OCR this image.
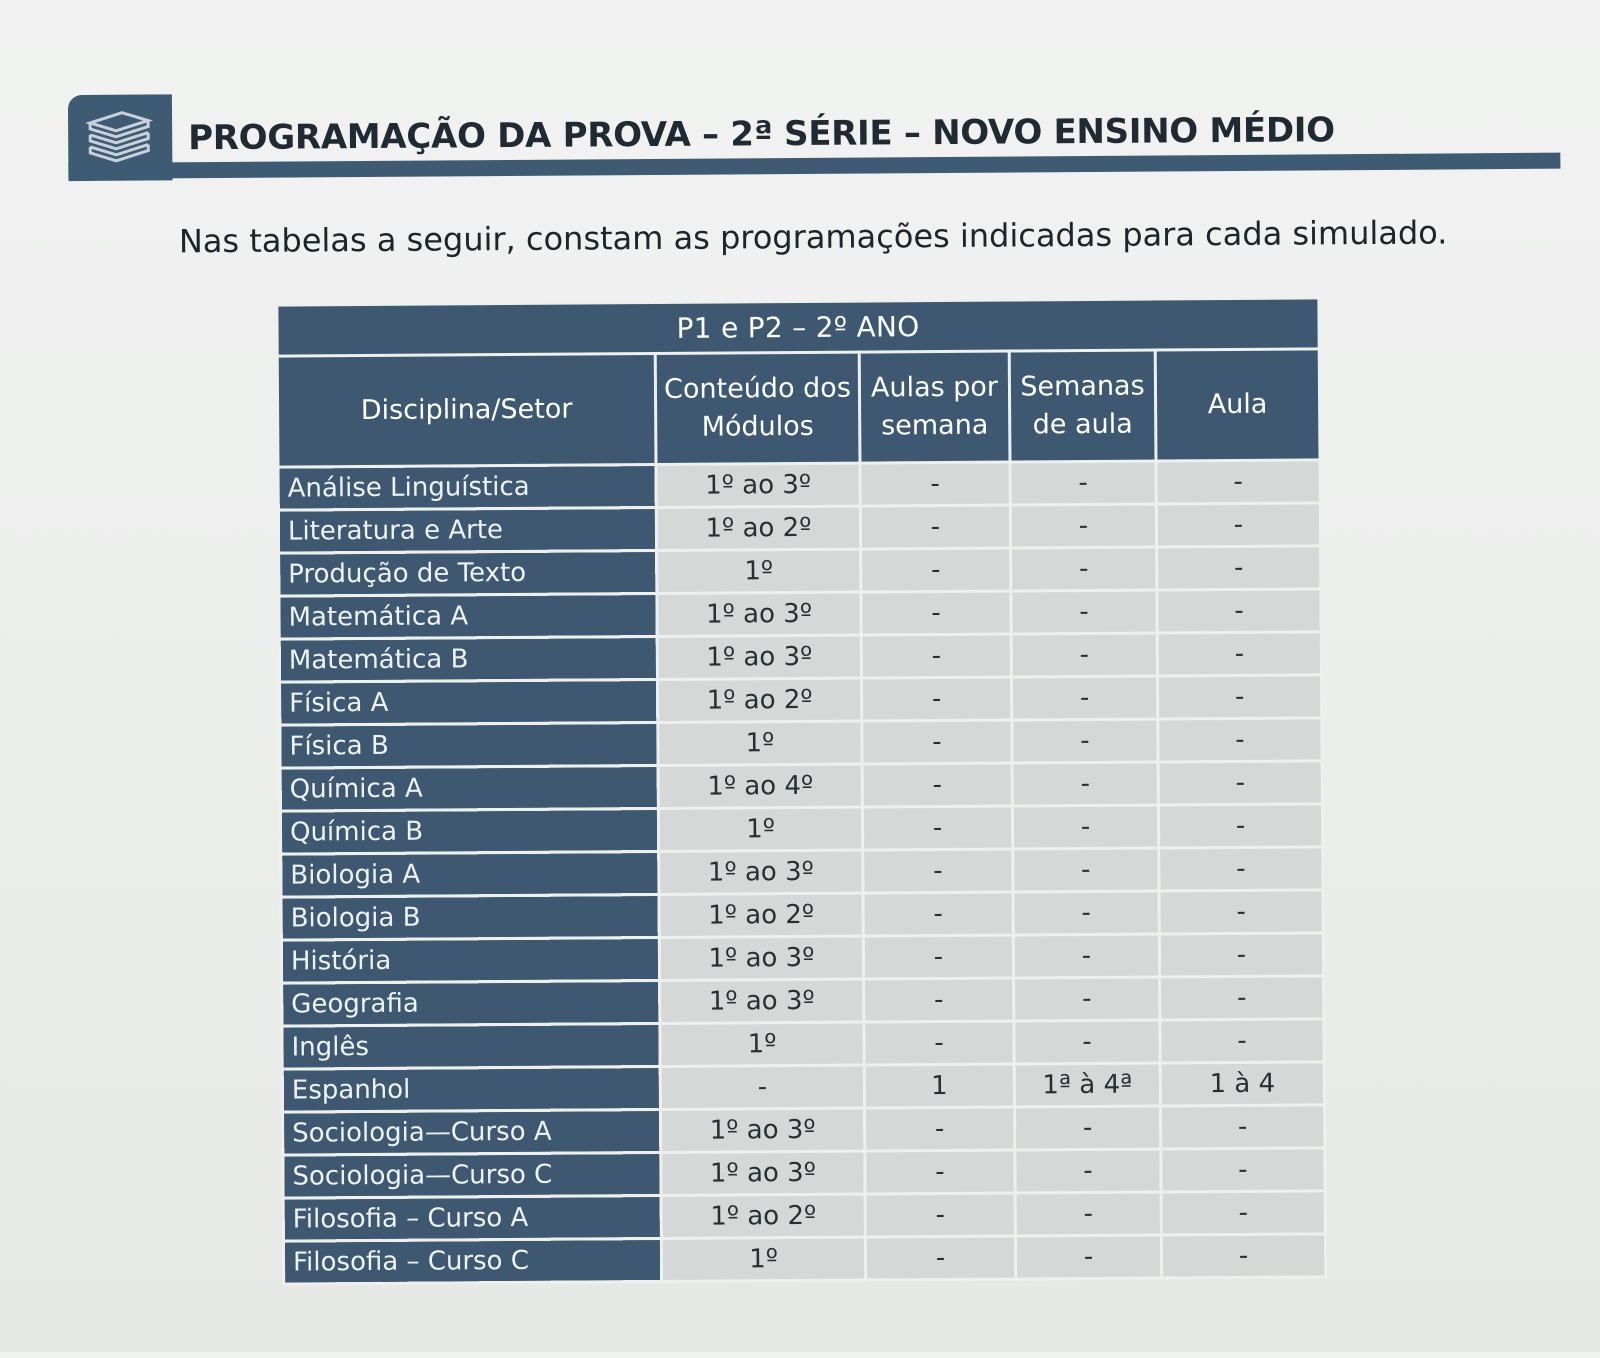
PROGRAMAÇÃO DA PROVA – 2ª SÉRIE – NOVO ENSINO MÉDIO
Nas tabelas a seguir, constam as programações indicadas para cada simulado.
P1 e P2 – 2º ANO				
Disciplina/Setor	Conteúdo dos Módulos	Aulas por semana	Semanas de aula	Aula
Análise Linguística	1º ao 3º	-	-	-
Literatura e Arte	1º ao 2º	-	-	-
Produção de Texto	1º	-	-	-
Matemática A	1º ao 3º	-	-	-
Matemática B	1º ao 3º	-	-	-
Física A	1º ao 2º	-	-	-
Física B	1º	-	-	-
Química A	1º ao 4º	-	-	-
Química B	1º	-	-	-
Biologia A	1º ao 3º	-	-	-
Biologia B	1º ao 2º	-	-	-
História	1º ao 3º	-	-	-
Geografia	1º ao 3º	-	-	-
Inglês	1º	-	-	-
Espanhol	-	1	1ª à 4ª	1 à 4
Sociologia—Curso A	1º ao 3º	-	-	-
Sociologia—Curso C	1º ao 3º	-	-	-
Filosofia – Curso A	1º ao 2º	-	-	-
Filosofia – Curso C	1º	-	-	-
